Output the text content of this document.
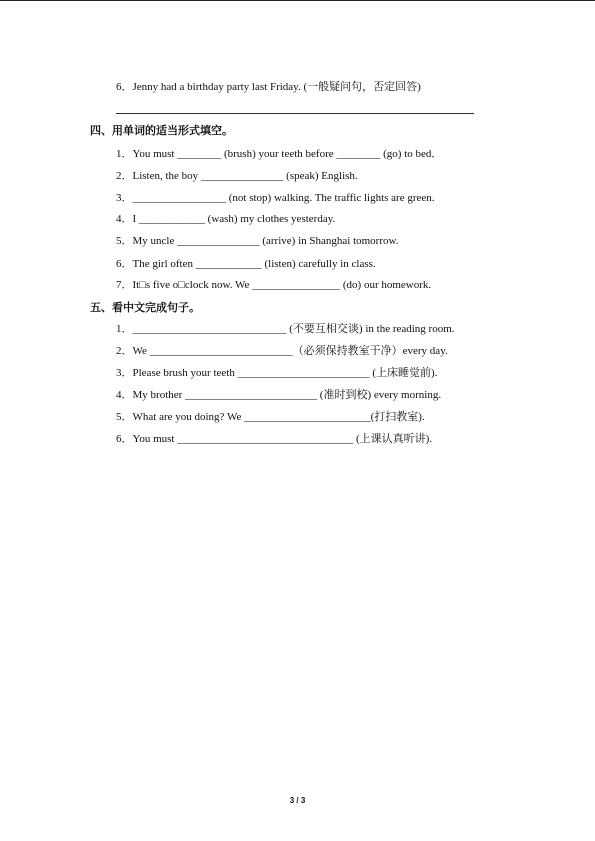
6．Jenny had a birthday party last Friday. (一般疑问句，否定回答)
四、用单词的适当形式填空。
1．You must ________ (brush) your teeth before ________ (go) to bed．
2．Listen, the boy _______________ (speak) English.
3．_________________ (not stop) walking. The traffic lights are green.
4．I ____________ (wash) my clothes yesterday.
5．My uncle _______________ (arrive) in Shanghai tomorrow.
6．The girl often ____________ (listen) carefully in class.
7．It□s five o□clock now. We ________________ (do) our homework.
五、看中文完成句子。
1．____________________________ (不要互相交谈) in the reading room.
2．We __________________________（必须保持教室干净）every day.
3．Please brush your teeth ________________________ (上床睡觉前).
4．My brother ________________________ (准时到校) every morning.
5．What are you doing? We _______________________(打扫教室).
6．You must ________________________________ (上课认真听讲).
3 / 3
